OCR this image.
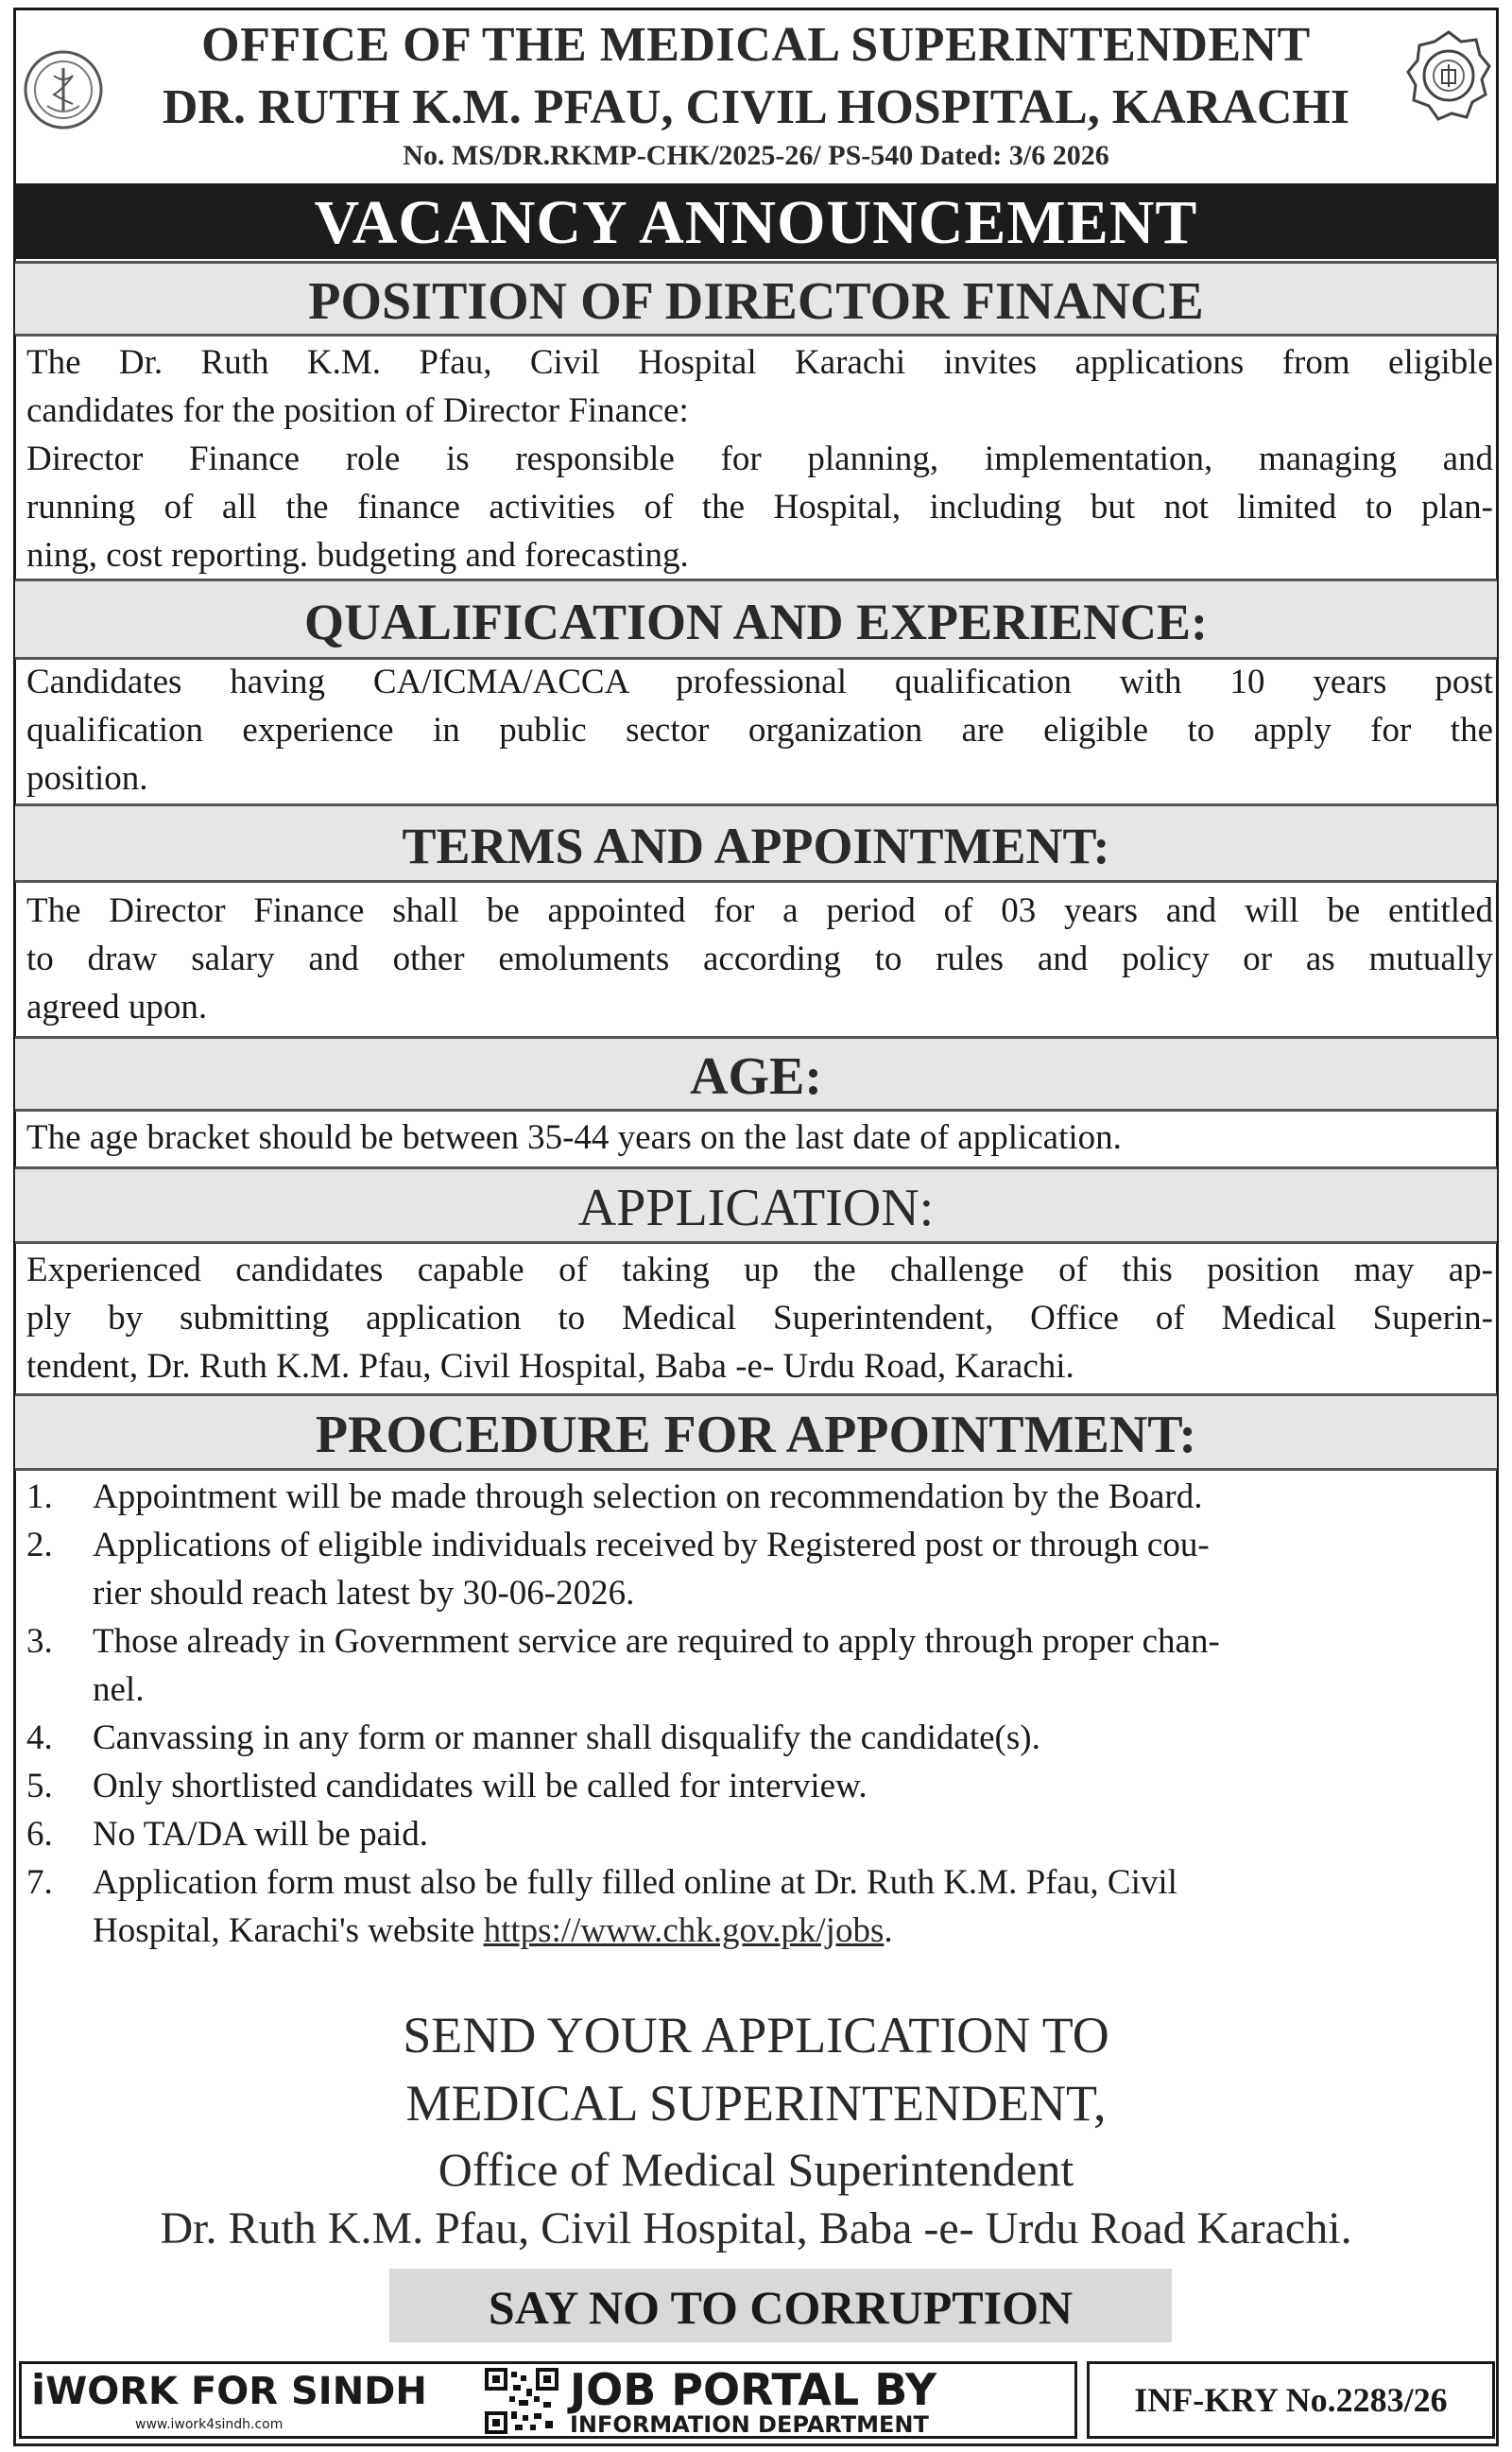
OFFICE OF THE MEDICAL SUPERINTENDENT
DR. RUTH K.M. PFAU, CIVIL HOSPITAL, KARACHI
No. MS/DR.RKMP-CHK/2025-26/ PS-540 Dated: 3/6 2026
VACANCY ANNOUNCEMENT
POSITION OF DIRECTOR FINANCE
The Dr. Ruth K.M. Pfau, Civil Hospital Karachi invites applications from eligible
candidates for the position of Director Finance:
Director Finance role is responsible for planning, implementation, managing and
running of all the finance activities of the Hospital, including but not limited to plan-
ning, cost reporting. budgeting and forecasting.
QUALIFICATION AND EXPERIENCE:
Candidates having CA/ICMA/ACCA professional qualification with 10 years post
qualification experience in public sector organization are eligible to apply for the
position.
TERMS AND APPOINTMENT:
The Director Finance shall be appointed for a period of 03 years and will be entitled
to draw salary and other emoluments according to rules and policy or as mutually
agreed upon.
AGE:
The age bracket should be between 35-44 years on the last date of application.
APPLICATION:
Experienced candidates capable of taking up the challenge of this position may ap-
ply by submitting application to Medical Superintendent, Office of Medical Superin-
tendent, Dr. Ruth K.M. Pfau, Civil Hospital, Baba -e- Urdu Road, Karachi.
PROCEDURE FOR APPOINTMENT:
1.	Appointment will be made through selection on recommendation by the Board.
2.	Applications of eligible individuals received by Registered post or through cou-
rier should reach latest by 30-06-2026.
3.	Those already in Government service are required to apply through proper chan-
nel.
4.	Canvassing in any form or manner shall disqualify the candidate(s).
5.	Only shortlisted candidates will be called for interview.
6.	No TA/DA will be paid.
7.	Application form must also be fully filled online at Dr. Ruth K.M. Pfau, Civil
Hospital, Karachi's website https://www.chk.gov.pk/jobs.
SEND YOUR APPLICATION TO
MEDICAL SUPERINTENDENT,
Office of Medical Superintendent
Dr. Ruth K.M. Pfau, Civil Hospital, Baba -e- Urdu Road Karachi.
SAY NO TO CORRUPTION
iWORK FOR SINDH
www.iwork4sindh.com
JOB PORTAL BY
INFORMATION DEPARTMENT
INF-KRY No.2283/26
